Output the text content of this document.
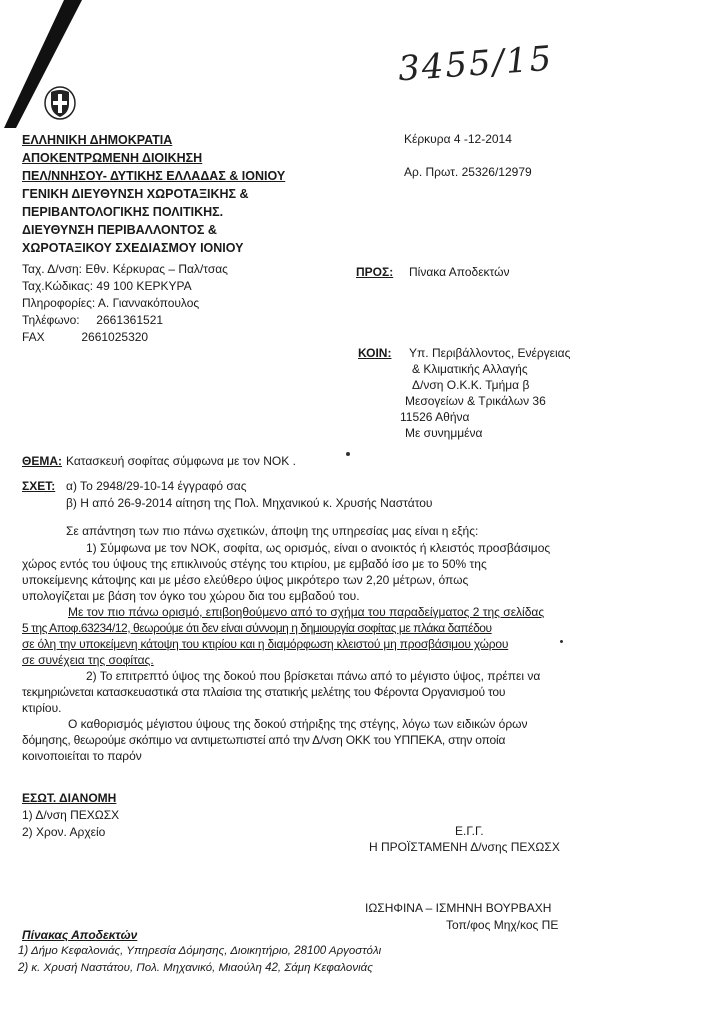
3455/15
ΕΛΛΗΝΙΚΗ ΔΗΜΟΚΡΑΤΙΑ
ΑΠΟΚΕΝΤΡΩΜΕΝΗ ΔΙΟΙΚΗΣΗ
ΠΕΛ/ΝΝΗΣΟΥ- ΔΥΤΙΚΗΣ ΕΛΛΑΔΑΣ & ΙΟΝΙΟΥ
ΓΕΝΙΚΗ ΔΙΕΥΘΥΝΣΗ ΧΩΡΟΤΑΞΙΚΗΣ &
ΠΕΡΙΒΑΝΤΟΛΟΓΙΚΗΣ ΠΟΛΙΤΙΚΗΣ.
ΔΙΕΥΘΥΝΣΗ ΠΕΡΙΒΑΛΛΟΝΤΟΣ &
ΧΩΡΟΤΑΞΙΚΟΥ ΣΧΕΔΙΑΣΜΟΥ ΙΟΝΙΟΥ
Κέρκυρα 4 -12-2014
Αρ. Πρωτ. 25326/12979
Ταχ. Δ/νση: Εθν. Κέρκυρας – Παλ/τσας
Ταχ.Κώδικας: 49 100 ΚΕΡΚΥΡΑ
Πληροφορίες: Α. Γιαννακόπουλος
Τηλέφωνο:     2661361521
FAX           2661025320
ΠΡΟΣ: Πίνακα Αποδεκτών
ΚΟΙΝ: Υπ. Περιβάλλοντος, Ενέργειας
& Κλιματικής Αλλαγής
Δ/νση Ο.Κ.Κ. Τμήμα β
Μεσογείων & Τρικάλων 36
11526 Αθήνα
Με συνημμένα
ΘΕΜΑ: Κατασκευή σοφίτας σύμφωνα με τον ΝΟΚ .
ΣΧΕΤ: α) Το 2948/29-10-14 έγγραφό σας
β) Η από 26-9-2014 αίτηση της Πολ. Μηχανικού κ. Χρυσής Ναστάτου
Σε απάντηση των πιο πάνω σχετικών, άποψη της υπηρεσίας μας είναι η εξής:
1) Σύμφωνα με τον ΝΟΚ, σοφίτα, ως ορισμός, είναι ο ανοικτός ή κλειστός προσβάσιμος
χώρος εντός του ύψους της επικλινούς στέγης του κτιρίου, με εμβαδό ίσο με το 50% της
υποκείμενης κάτοψης και με μέσο ελεύθερο ύψος μικρότερο των 2,20 μέτρων, όπως
υπολογίζεται με βάση τον όγκο του χώρου δια του εμβαδού του.
Με τον πιο πάνω ορισμό, επιβοηθούμενο από το σχήμα του παραδείγματος 2 της σελίδας
5 της Αποφ.63234/12, θεωρούμε ότι δεν είναι σύννομη η δημιουργία σοφίτας με πλάκα δαπέδου
σε όλη την υποκείμενη κάτοψη του κτιρίου και η διαμόρφωση κλειστού μη προσβάσιμου χώρου
σε συνέχεια της σοφίτας.
2) Το επιτρεπτό ύψος της δοκού που βρίσκεται πάνω από το μέγιστο ύψος, πρέπει να
τεκμηριώνεται κατασκευαστικά στα πλαίσια της στατικής μελέτης του Φέροντα Οργανισμού του
κτιρίου.
Ο καθορισμός μέγιστου ύψους της δοκού στήριξης της στέγης, λόγω των ειδικών όρων
δόμησης, θεωρούμε σκόπιμο να αντιμετωπιστεί από την Δ/νση ΟΚΚ του ΥΠΠΕΚΑ, στην οποία
κοινοποιείται το παρόν
ΕΣΩΤ. ΔΙΑΝΟΜΗ
1) Δ/νση ΠΕΧΩΣΧ
2) Χρον. Αρχείο	Ε.Γ.Γ.
Η ΠΡΟΪΣΤΑΜΕΝΗ Δ/νσης ΠΕΧΩΣΧ
ΙΩΣΗΦΙΝΑ – ΙΣΜΗΝΗ ΒΟΥΡΒΑΧΗ
Τοπ/φος Μηχ/κος ΠΕ
Πίνακας Αποδεκτών
1) Δήμο Κεφαλονιάς, Υπηρεσία Δόμησης, Διοικητήριο, 28100 Αργοστόλι
2) κ. Χρυσή Ναστάτου, Πολ. Μηχανικό, Μιαούλη 42, Σάμη Κεφαλονιάς
